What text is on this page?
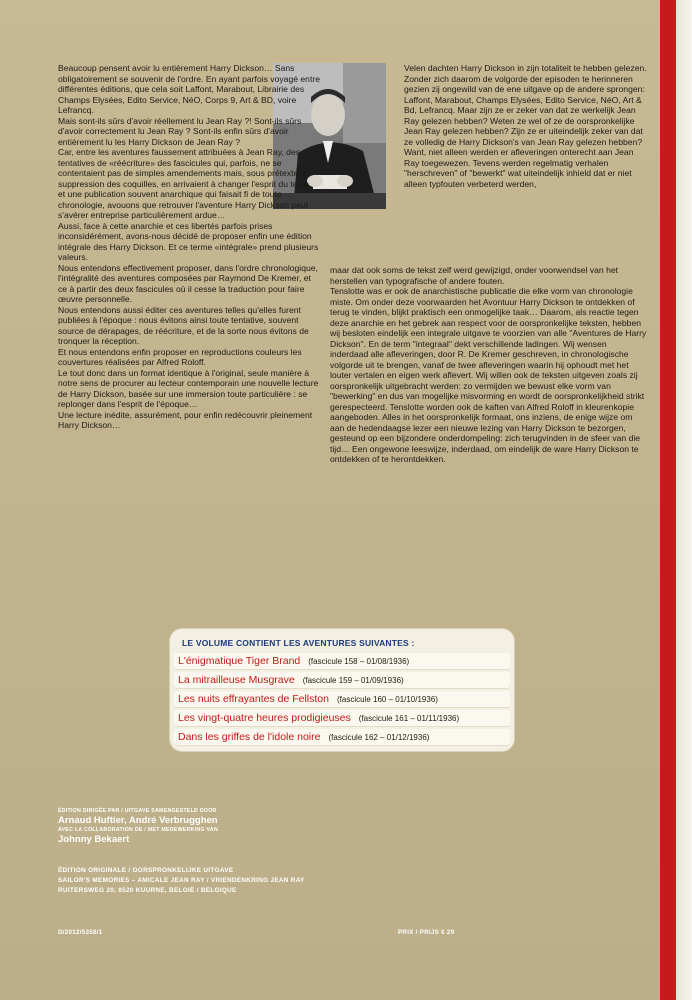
Beaucoup pensent avoir lu entièrement Harry Dickson… Sans obligatoirement se souvenir de l'ordre. En ayant parfois voyagé entre différentes éditions, que cela soit Laffont, Marabout, Librairie des Champs Elysées, Edito Service, NéO, Corps 9, Art & BD, voire Lefrancq.

Mais sont-ils sûrs d'avoir réellement lu Jean Ray ?! Sont-ils sûrs d'avoir correctement lu Jean Ray ? Sont-ils enfin sûrs d'avoir entièrement lu les Harry Dickson de Jean Ray ?

Car, entre les aventures faussement attribuées à Jean Ray, des tentatives de «réécriture» des fascicules qui, parfois, ne se contentaient pas de simples amendements mais, sous prétexte de suppression des coquilles, en arrivaient à changer l'esprit du texte, et une publication souvent anarchique qui faisait fi de toute chronologie, avouons que retrouver l'aventure Harry Dickson peut s'avérer entreprise particulièrement ardue…

Aussi, face à cette anarchie et ces libertés parfois prises inconsidérément, avons-nous décidé de proposer enfin une édition intégrale des Harry Dickson. Et ce terme «intégrale» prend plusieurs valeurs.

Nous entendons effectivement proposer, dans l'ordre chronologique, l'intégralité des aventures composées par Raymond De Kremer, et ce à partir des deux fascicules où il cesse la traduction pour faire œuvre personnelle.

Nous entendons aussi éditer ces aventures telles qu'elles furent publiées à l'époque : nous évitons ainsi toute tentative, souvent source de dérapages, de réécriture, et de la sorte nous évitons de tronquer la réception.

Et nous entendons enfin proposer en reproductions couleurs les couvertures réalisées par Alfred Roloff.

Le tout donc dans un format identique à l'original, seule manière à notre sens de procurer au lecteur contemporain une nouvelle lecture de Harry Dickson, basée sur une immersion toute particulière : se replonger dans l'esprit de l'époque…

Une lecture inédite, assurément, pour enfin redécouvrir pleinement Harry Dickson…

Velen dachten Harry Dickson in zijn totaliteit te hebben gelezen. Zonder zich daarom de volgorde der episoden te herinneren gezien zij ongewild van de ene uitgave op de andere sprongen: Laffont, Marabout, Champs Elysées, Edito Service, NéO, Art & Bd, Lefrancq. Maar zijn ze er zeker van dat ze werkelijk Jean Ray gelezen hebben? Weten ze wel of ze de oorspronkelijke Jean Ray gelezen hebben? Zijn ze er uiteindelijk zeker van dat ze volledig de Harry Dickson's van Jean Ray gelezen hebben? Want, niet alleen werden er afleveringen onterecht aan Jean Ray toegewezen. Tevens werden regelmatig verhalen "herschreven" of "bewerkt" wat uiteindelijk inhield dat er niet alleen typfouten verbeterd werden,

maar dat ook soms de tekst zelf werd gewijzigd, onder voorwendsel van het herstellen van typografische of andere fouten.

Tenslotte was er ook de anarchistische publicatie die elke vorm van chronologie miste. Om onder deze voorwaarden het Avontuur Harry Dickson te ontdekken of terug te vinden, blijkt praktisch een onmogelijke taak… Daarom, als reactie tegen deze anarchie en het gebrek aan respect voor de oorspronkelijke teksten, hebben wij besloten eindelijk een integrale uitgave te voorzien van alle "Aventures de Harry Dickson". En de term "integraal" dekt verschillende ladingen. Wij wensen inderdaad alle afleveringen, door R. De Kremer geschreven, in chronologische volgorde uit te brengen, vanaf de twee afleveringen waarin hij ophoudt met het louter vertalen en eigen werk aflevert. Wij willen ook de teksten uitgeven zoals zij oorspronkelijk uitgebracht werden: zo vermijden we bewust elke vorm van "bewerking" en dus van mogelijke misvorming en wordt de oorspronkelijkheid strikt gerespecteerd. Tenslotte worden ook de kaften van Alfred Roloff in kleurenkopie aangeboden. Alles in het oorspronkelijk formaat, ons inziens, de enige wijze om aan de hedendaagse lezer een nieuwe lezing van Harry Dickson te bezorgen, gesteund op een bijzondere onderdompeling: zich terugvinden in de sfeer van die tijd… Een ongewone leeswijze, inderdaad, om eindelijk de ware Harry Dickson te ontdekken of te herontdekken.

LE VOLUME CONTIENT LES AVENTURES SUIVANTES :
L'énigmatique Tiger Brand (fascicule 158 – 01/08/1936)
La mitrailleuse Musgrave (fascicule 159 – 01/09/1936)
Les nuits effrayantes de Fellston (fascicule 160 – 01/10/1936)
Les vingt-quatre heures prodigieuses (fascicule 161 – 01/11/1936)
Dans les griffes de l'idole noire (fascicule 162 – 01/12/1936)
ÉDITION DIRIGÉE PAR / UITGAVE SAMENGESTELD DOOR
Arnaud Huftier, André Verbrugghen
AVEC LA COLLABORATION DE / MET MEDEWERKING VAN
Johnny Bekaert
ÉDITION ORIGINALE / OORSPRONKELIJKE UITGAVE
SAILOR'S MEMORIES – AMICALE JEAN RAY / VRIENDENKRING JEAN RAY
RUITERSWEG 20, 8520 KUURNE, BELGIË / BELGIQUE
D/2012/5358/1	PRIX / PRIJS € 29
